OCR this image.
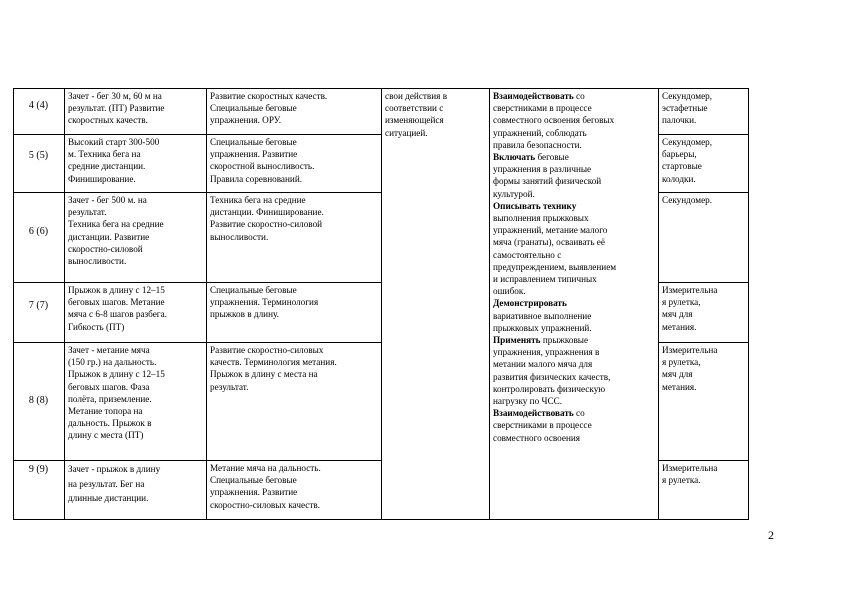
4 (4)
Зачет - бег 30 м, 60 м на
результат. (ПТ) Развитие
скоростных качеств.
Развитие скоростных качеств.
Специальные беговые
упражнения. ОРУ.
Секундомер,
эстафетные
палочки.
5 (5)
Высокий старт 300-500
м. Техника бега на
средние дистанции.
Финиширование.
Специальные беговые
упражнения. Развитие
скоростной выносливость.
Правила соревнований.
Секундомер,
барьеры,
стартовые
колодки.
6 (6)
Зачет - бег 500 м. на
результат.
Техника бега на средние
дистанции. Развитие
скоростно-силовой
выносливости.
Техника бега на средние
дистанции. Финиширование.
Развитие скоростно-силовой
выносливости.
Секундомер.
7 (7)
Прыжок в длину с 12–15
беговых шагов. Метание
мяча с 6-8 шагов разбега.
Гибкость (ПТ)
Специальные беговые
упражнения. Терминология
прыжков в длину.
Измерительна
я рулетка,
мяч для
метания.
8 (8)
Зачет - метание мяча
(150 гр.) на дальность.
Прыжок в длину с 12–15
беговых шагов. Фаза
полёта, приземление.
Метание топора на
дальность. Прыжок в
длину с места (ПТ)
Развитие скоростно-силовых
качеств. Терминология метания.
Прыжок в длину с места на
результат.
Измерительна
я рулетка,
мяч для
метания.
9 (9)	Зачет - прыжок в длину
на результат. Бег на
длинные дистанции.
Метание мяча на дальность.
Специальные беговые
упражнения. Развитие
скоростно-силовых качеств.
Измерительна
я рулетка.
свои действия в
соответствии с
изменяющейся
ситуацией.
Взаимодействовать со
сверстниками в процессе
совместного освоения беговых
упражнений, соблюдать
правила безопасности.
Включать беговые
упражнения в различные
формы занятий физической
культурой.
Описывать технику
выполнения прыжковых
упражнений, метание малого
мяча (гранаты), осваивать её
самостоятельно с
предупреждением, выявлением
и исправлением типичных
ошибок.
Демонстрировать
вариативное выполнение
прыжковых упражнений.
Применять прыжковые
упражнения, упражнения в
метании малого мяча для
развития физических качеств,
контролировать физическую
нагрузку по ЧСС.
Взаимодействовать со
сверстниками в процессе
совместного освоения
2
